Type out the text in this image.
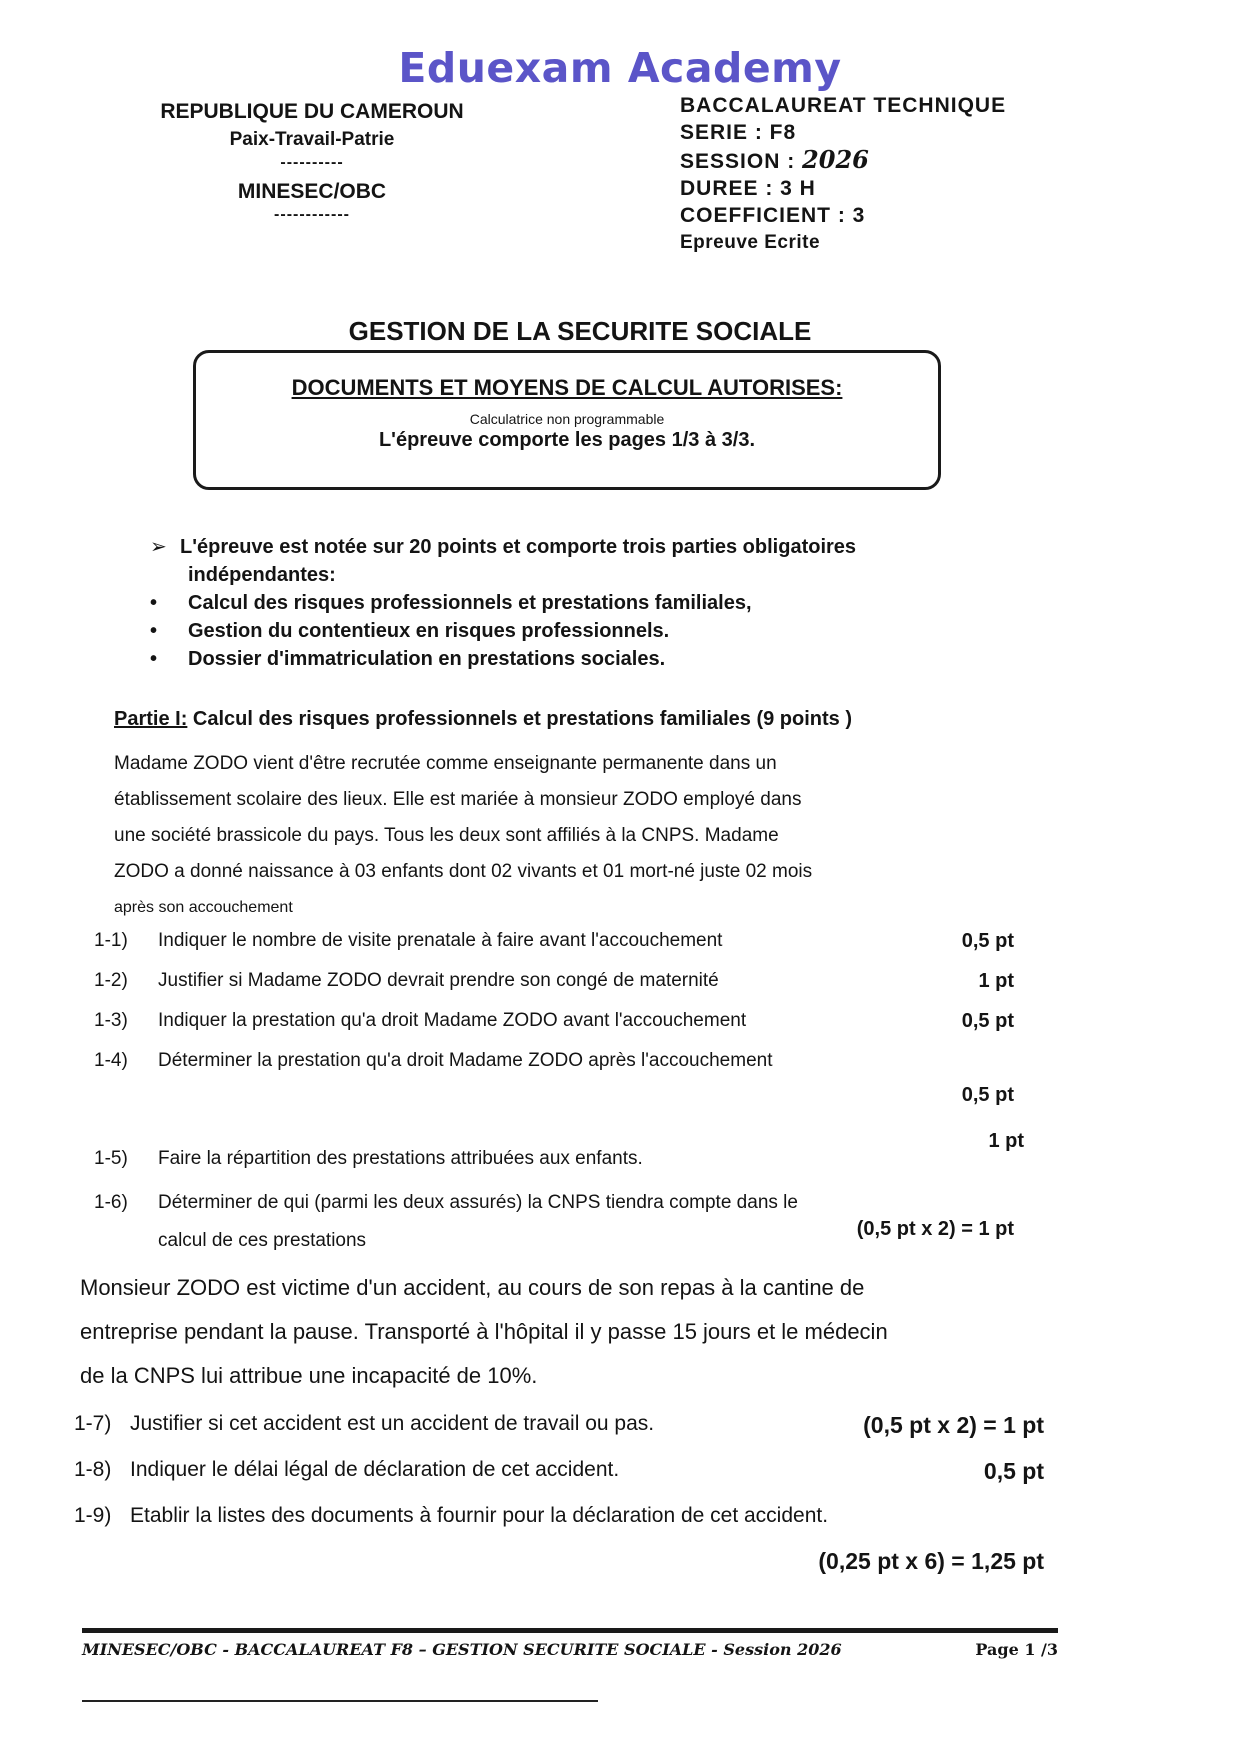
Eduexam Academy
REPUBLIQUE DU CAMEROUN
Paix-Travail-Patrie
----------
MINESEC/OBC
------------
BACCALAUREAT TECHNIQUE
SERIE : F8
SESSION : 2026
DUREE : 3 H
COEFFICIENT : 3
Epreuve Ecrite
GESTION DE LA SECURITE SOCIALE
DOCUMENTS ET MOYENS DE CALCUL AUTORISES:
Calculatrice non programmable
L'épreuve comporte les pages 1/3 à 3/3.
➢ L'épreuve est notée sur 20 points et comporte trois parties obligatoires
indépendantes:
• Calcul des risques professionnels et prestations familiales,
• Gestion du contentieux en risques professionnels.
• Dossier d'immatriculation en prestations sociales.
Partie I: Calcul des risques professionnels et prestations familiales (9 points )
Madame ZODO vient d'être recrutée comme enseignante permanente dans un
établissement scolaire des lieux. Elle est mariée à monsieur ZODO employé dans
une société brassicole du pays. Tous les deux sont affiliés à la CNPS. Madame
ZODO a donné naissance à 03 enfants dont 02 vivants et 01 mort-né juste 02 mois
après son accouchement
1-1) Indiquer le nombre de visite prenatale à faire avant l'accouchement	0,5 pt
1-2) Justifier si Madame ZODO devrait prendre son congé de maternité	1 pt
1-3) Indiquer la prestation qu'a droit Madame ZODO avant l'accouchement	0,5 pt
1-4) Déterminer la prestation qu'a droit Madame ZODO après l'accouchement
0,5 pt
1-5) Faire la répartition des prestations attribuées aux enfants.
1 pt
1-6) Déterminer de qui (parmi les deux assurés) la CNPS tiendra compte dans le
calcul de ces prestations
(0,5 pt x 2) = 1 pt
Monsieur ZODO est victime d'un accident, au cours de son repas à la cantine de
entreprise pendant la pause. Transporté à l'hôpital il y passe 15 jours et le médecin
de la CNPS lui attribue une incapacité de 10%.
1-7) Justifier si cet accident est un accident de travail ou pas.	(0,5 pt x 2) = 1 pt
1-8) Indiquer le délai légal de déclaration de cet accident.	0,5 pt
1-9) Etablir la listes des documents à fournir pour la déclaration de cet accident.
(0,25 pt x 6) = 1,25 pt
MINESEC/OBC - BACCALAUREAT F8 – GESTION SECURITE SOCIALE - Session 2026	Page 1 /3
